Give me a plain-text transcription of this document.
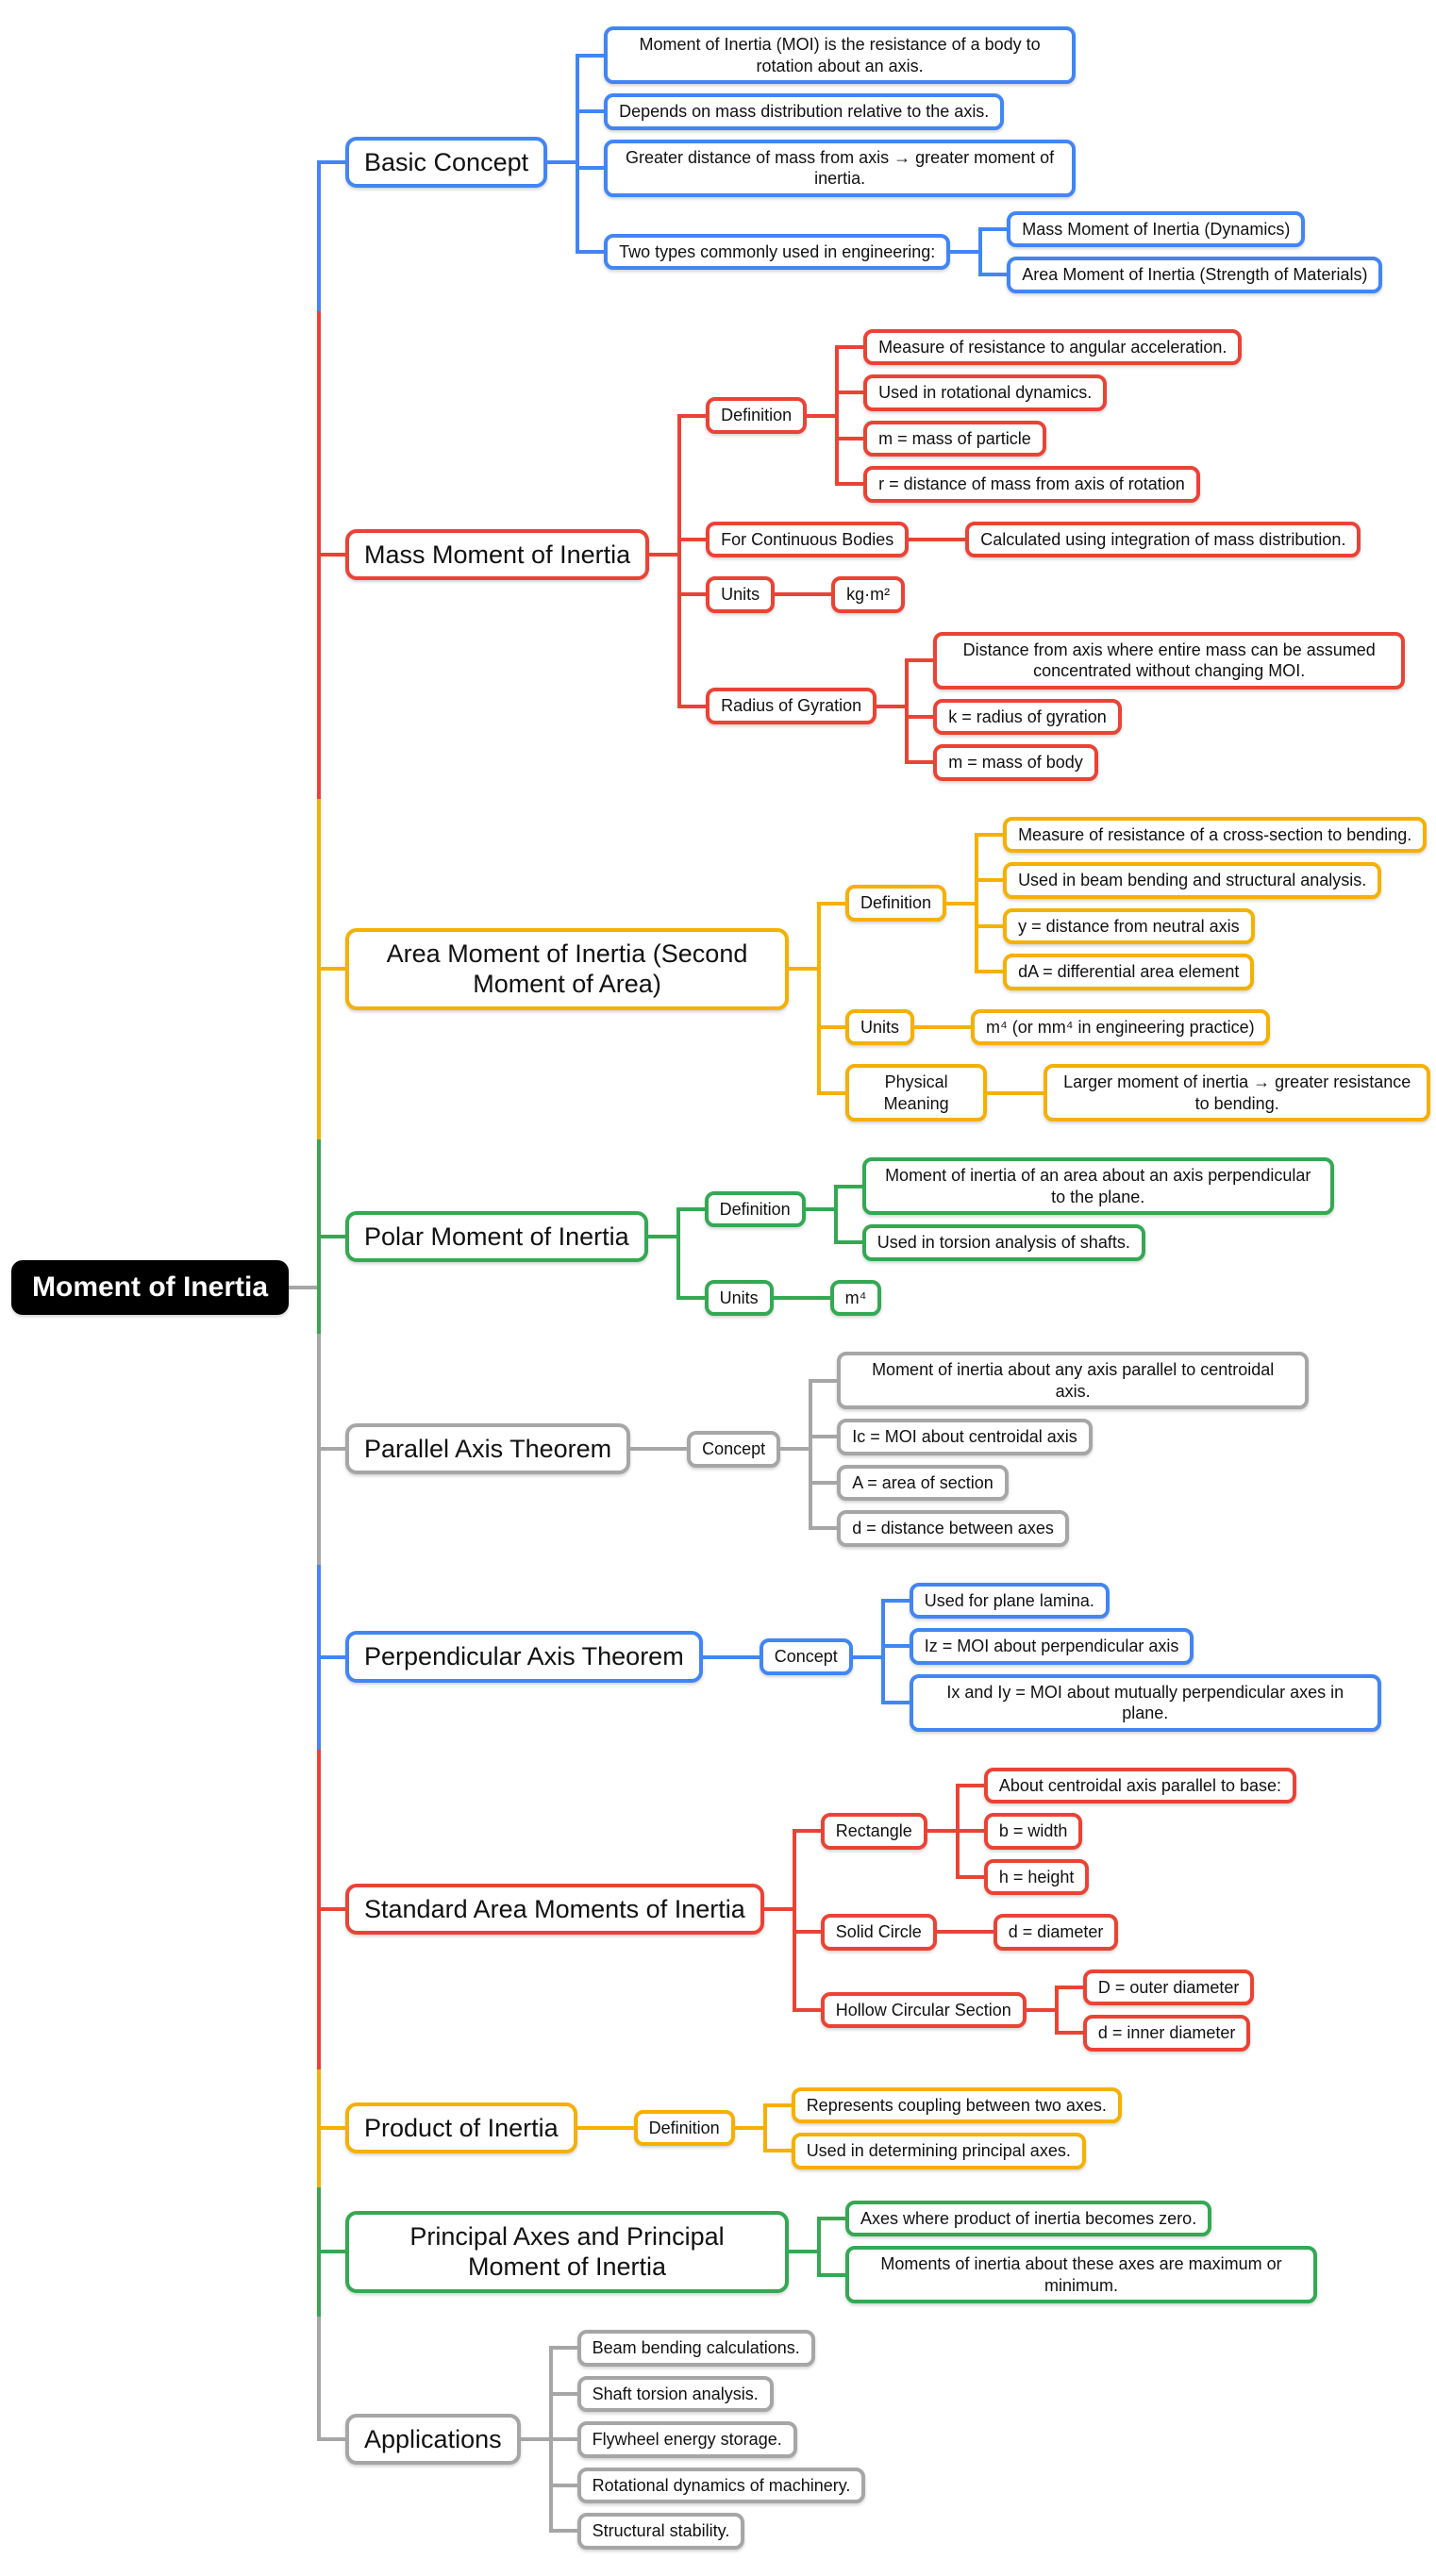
Moment of Inertia
Basic Concept
Moment of Inertia (MOI) is the resistance of a body to rotation about an axis.
Depends on mass distribution relative to the axis.
Greater distance of mass from axis → greater moment of inertia.
Two types commonly used in engineering:
Mass Moment of Inertia (Dynamics)
Area Moment of Inertia (Strength of Materials)
Mass Moment of Inertia
Definition
Measure of resistance to angular acceleration.
Used in rotational dynamics.
m = mass of particle
r = distance of mass from axis of rotation
For Continuous Bodies	Calculated using integration of mass distribution.
Units	kg·m²
Radius of Gyration
Distance from axis where entire mass can be assumed concentrated without changing MOI.
k = radius of gyration
m = mass of body
Area Moment of Inertia (Second Moment of Area)
Definition
Measure of resistance of a cross-section to bending.
Used in beam bending and structural analysis.
y = distance from neutral axis
dA = differential area element
Units	m⁴ (or mm⁴ in engineering practice)
Physical Meaning
Larger moment of inertia → greater resistance to bending.
Polar Moment of Inertia
Definition
Moment of inertia of an area about an axis perpendicular to the plane.
Used in torsion analysis of shafts.
Units	m⁴
Parallel Axis Theorem	Concept
Moment of inertia about any axis parallel to centroidal axis.
Ic = MOI about centroidal axis
A = area of section
d = distance between axes
Perpendicular Axis Theorem	Concept
Used for plane lamina.
Iz = MOI about perpendicular axis
Ix and Iy = MOI about mutually perpendicular axes in plane.
Standard Area Moments of Inertia
Rectangle
About centroidal axis parallel to base:
b = width
h = height
Solid Circle	d = diameter
Hollow Circular Section
D = outer diameter
d = inner diameter
Product of Inertia	Definition
Represents coupling between two axes.
Used in determining principal axes.
Principal Axes and Principal Moment of Inertia
Axes where product of inertia becomes zero.
Moments of inertia about these axes are maximum or minimum.
Applications
Beam bending calculations.
Shaft torsion analysis.
Flywheel energy storage.
Rotational dynamics of machinery.
Structural stability.
